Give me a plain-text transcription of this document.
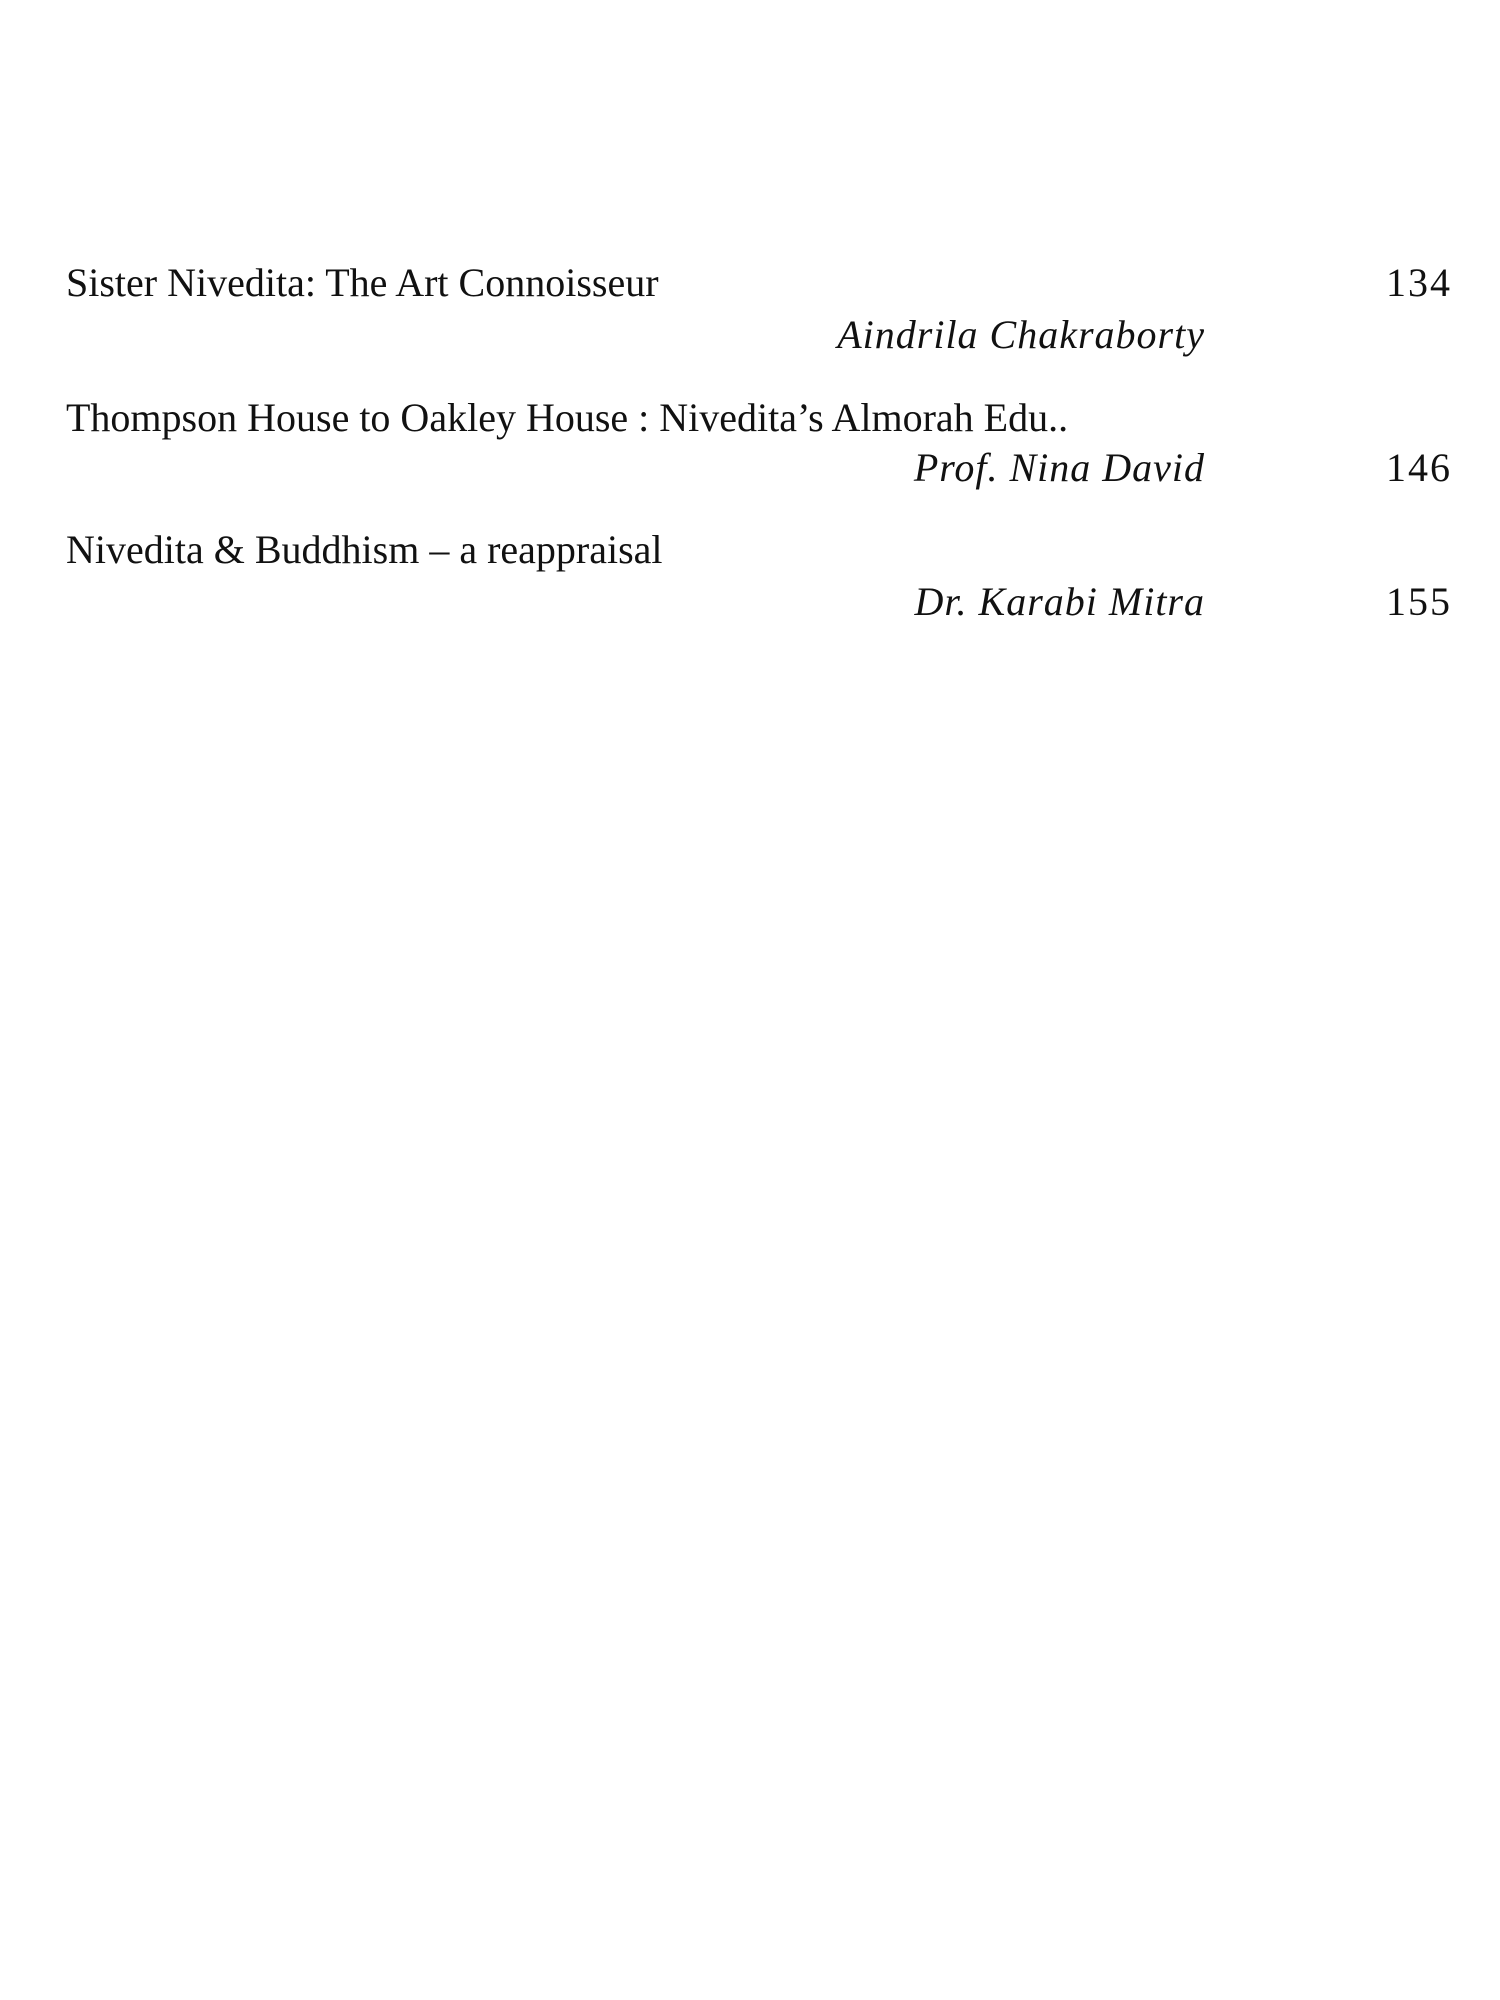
Sister Nivedita: The Art Connoisseur	134
Aindrila Chakraborty
Thompson House to Oakley House : Nivedita’s Almorah Edu..
Prof. Nina David	146
Nivedita & Buddhism – a reappraisal
Dr. Karabi Mitra	155
